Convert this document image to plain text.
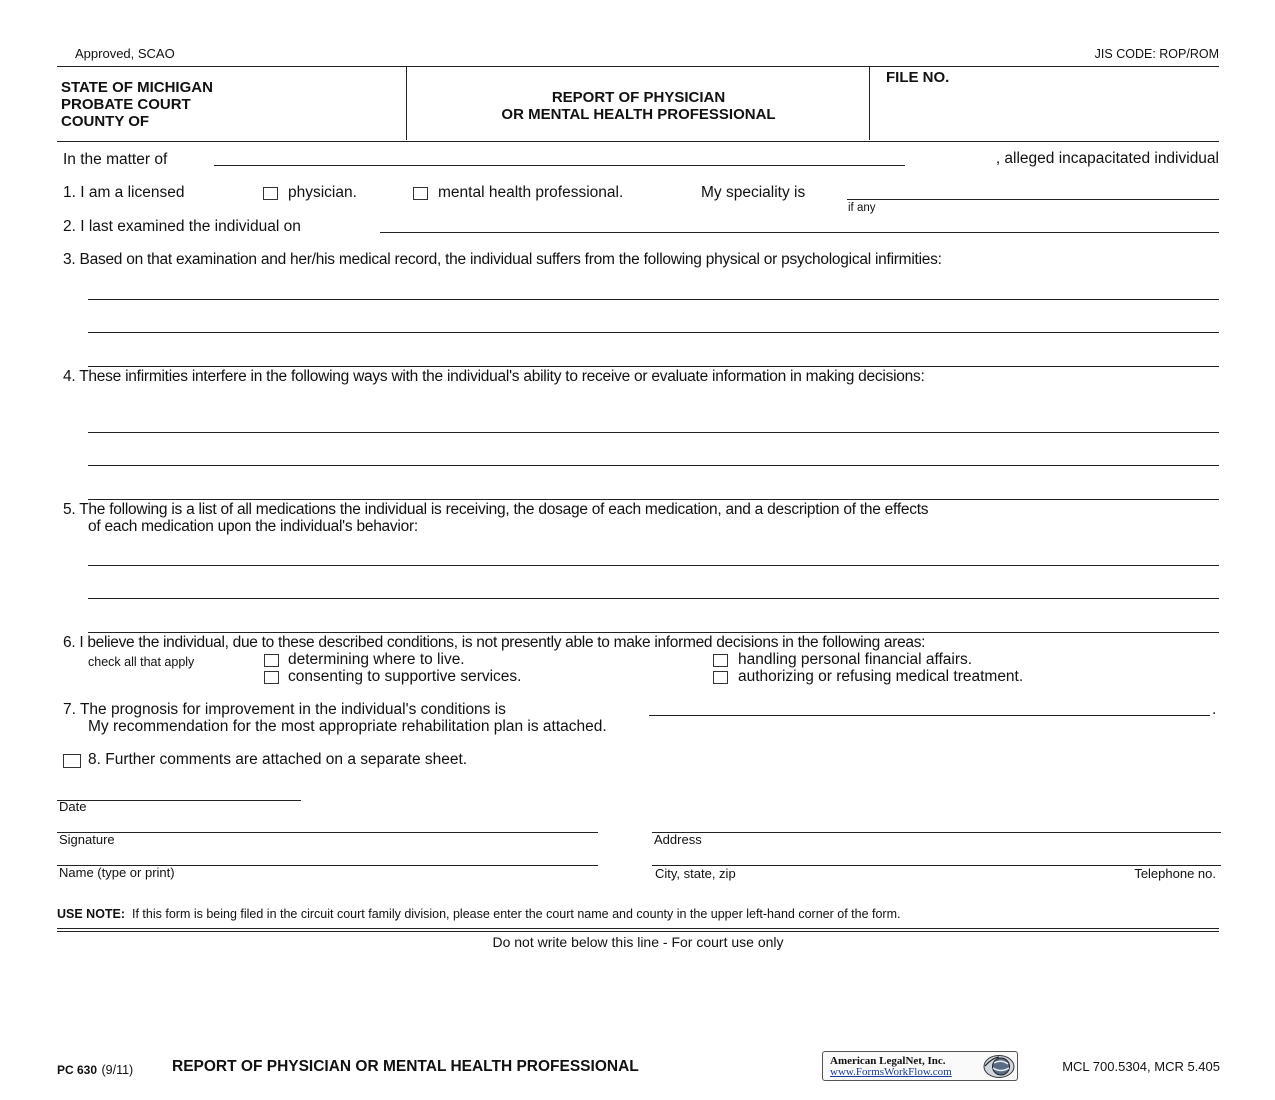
Approved, SCAO	JIS CODE: ROP/ROM
STATE OF MICHIGAN
PROBATE COURT
COUNTY OF
REPORT OF PHYSICIAN
OR MENTAL HEALTH PROFESSIONAL
FILE NO.
In the matter of	, alleged incapacitated individual
1. I am a licensed	physician.	mental health professional.	My speciality is
if any
2. I last examined the individual on
3. Based on that examination and her/his medical record, the individual suffers from the following physical or psychological infirmities:
4. These infirmities interfere in the following ways with the individual's ability to receive or evaluate information in making decisions:
5. The following is a list of all medications the individual is receiving, the dosage of each medication, and a description of the effects
of each medication upon the individual's behavior:
6. I believe the individual, due to these described conditions, is not presently able to make informed decisions in the following areas:
check all that apply	determining where to live.	handling personal financial affairs.
consenting to supportive services.	authorizing or refusing medical treatment.
7. The prognosis for improvement in the individual's conditions is	.
My recommendation for the most appropriate rehabilitation plan is attached.
8. Further comments are attached on a separate sheet.
Date
Signature	Address
Name (type or print)	City, state, zip	Telephone no.
USE NOTE: If this form is being filed in the circuit court family division, please enter the court name and county in the upper left-hand corner of the form.
Do not write below this line - For court use only
PC 630 (9/11)	REPORT OF PHYSICIAN OR MENTAL HEALTH PROFESSIONAL	American LegalNet, Inc.
www.FormsWorkFlow.com	MCL 700.5304, MCR 5.405
